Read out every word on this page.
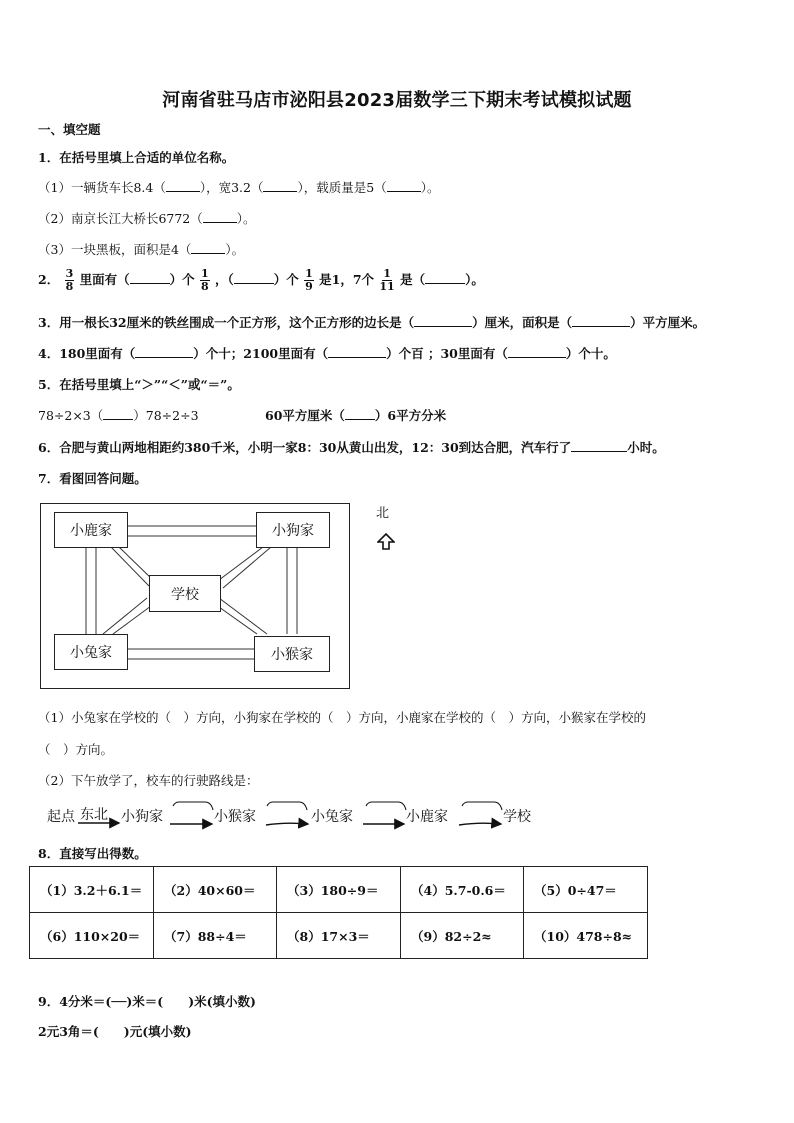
河南省驻马店市泌阳县2023届数学三下期末考试模拟试题
一、填空题
1．在括号里填上合适的单位名称。
（1）一辆货车长8.4（	），宽3.2（	），载质量是5（	）。
（2）南京长江大桥长6772（	）。
（3）一块黑板，面积是4（	）。
2． $\frac{3}{8}$ 里面有（	）个 $\frac{1}{8}$ ，（	）个 $\frac{1}{9}$ 是1，7个 $\frac{1}{11}$ 是（	）。
3．用一根长32厘米的铁丝围成一个正方形，这个正方形的边长是（	）厘米，面积是（	）平方厘米。
4．180里面有（	）个十；2100里面有（	）个百 ；30里面有（	）个十。
5．在括号里填上“＞”“＜”或“＝”。
78÷2×3（ ）78÷2÷3	60平方厘米（ ）6平方分米
6．合肥与黄山两地相距约380千米，小明一家8：30从黄山出发，12：30到达合肥，汽车行了	小时。
7．看图回答问题。
小鹿家	小狗家
学校
小兔家	小猴家
北
（1）小兔家在学校的（　）方向，小狗家在学校的（　）方向，小鹿家在学校的（　）方向，小猴家在学校的
（　）方向。
（2）下午放学了，校车的行驶路线是：
起点 东北 小狗家	小猴家	小兔家	小鹿家	学校
8．直接写出得数。
（1）3.2＋6.1＝	（2）40×60＝	（3）180÷9＝	（4）5.7-0.6＝	（5）0÷47＝
（6）110×20＝	（7）88÷4＝	（8）17×3＝	（9）82÷2≈	（10）478÷8≈
9．4分米＝(──)米＝(　　)米(填小数)
2元3角＝(　　)元(填小数)
